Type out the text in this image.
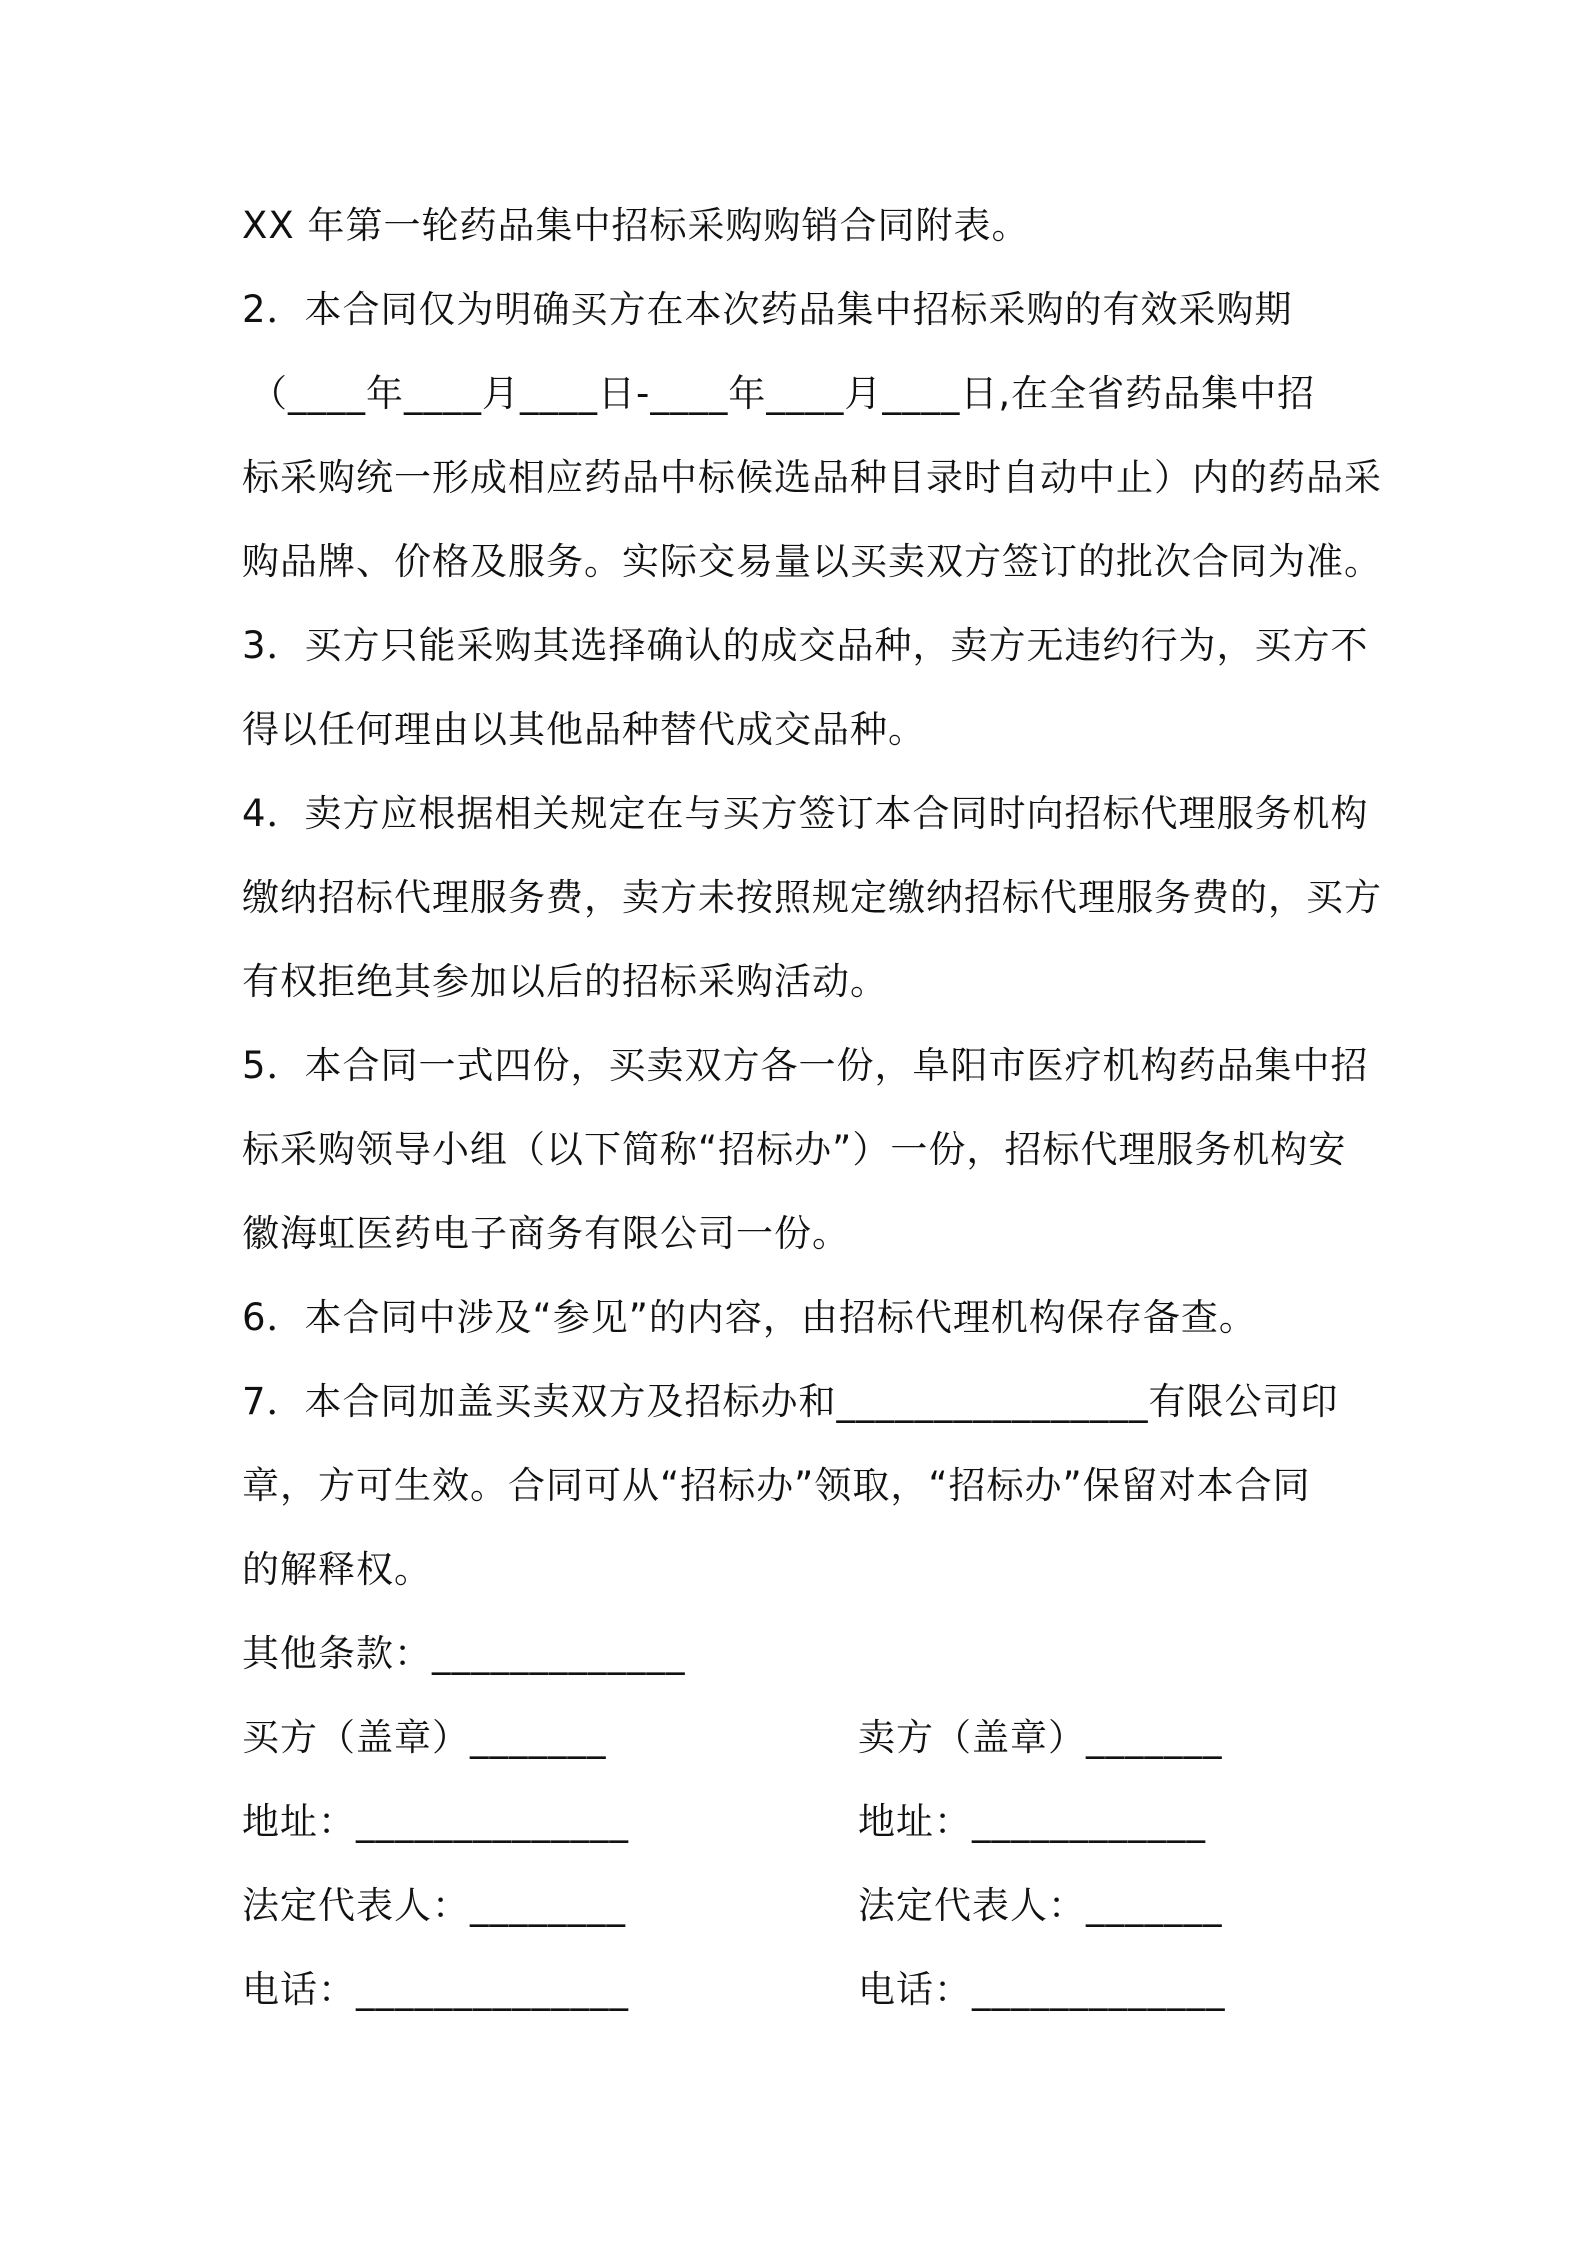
XX 年第一轮药品集中招标采购购销合同附表。
2．本合同仅为明确买方在本次药品集中招标采购的有效采购期
（____年____月____日-____年____月____日,在全省药品集中招
标采购统一形成相应药品中标候选品种目录时自动中止）内的药品采
购品牌、价格及服务。实际交易量以买卖双方签订的批次合同为准。
3．买方只能采购其选择确认的成交品种，卖方无违约行为，买方不
得以任何理由以其他品种替代成交品种。
4．卖方应根据相关规定在与买方签订本合同时向招标代理服务机构
缴纳招标代理服务费，卖方未按照规定缴纳招标代理服务费的，买方
有权拒绝其参加以后的招标采购活动。
5．本合同一式四份，买卖双方各一份，阜阳市医疗机构药品集中招
标采购领导小组（以下简称“招标办”）一份，招标代理服务机构安
徽海虹医药电子商务有限公司一份。
6．本合同中涉及“参见”的内容，由招标代理机构保存备查。
7．本合同加盖买卖双方及招标办和________________有限公司印
章，方可生效。合同可从“招标办”领取，“招标办”保留对本合同
的解释权。
其他条款：_____________
买方（盖章）_______	卖方（盖章）_______
地址：______________	地址：____________
法定代表人：________	法定代表人：_______
电话：______________	电话：_____________
